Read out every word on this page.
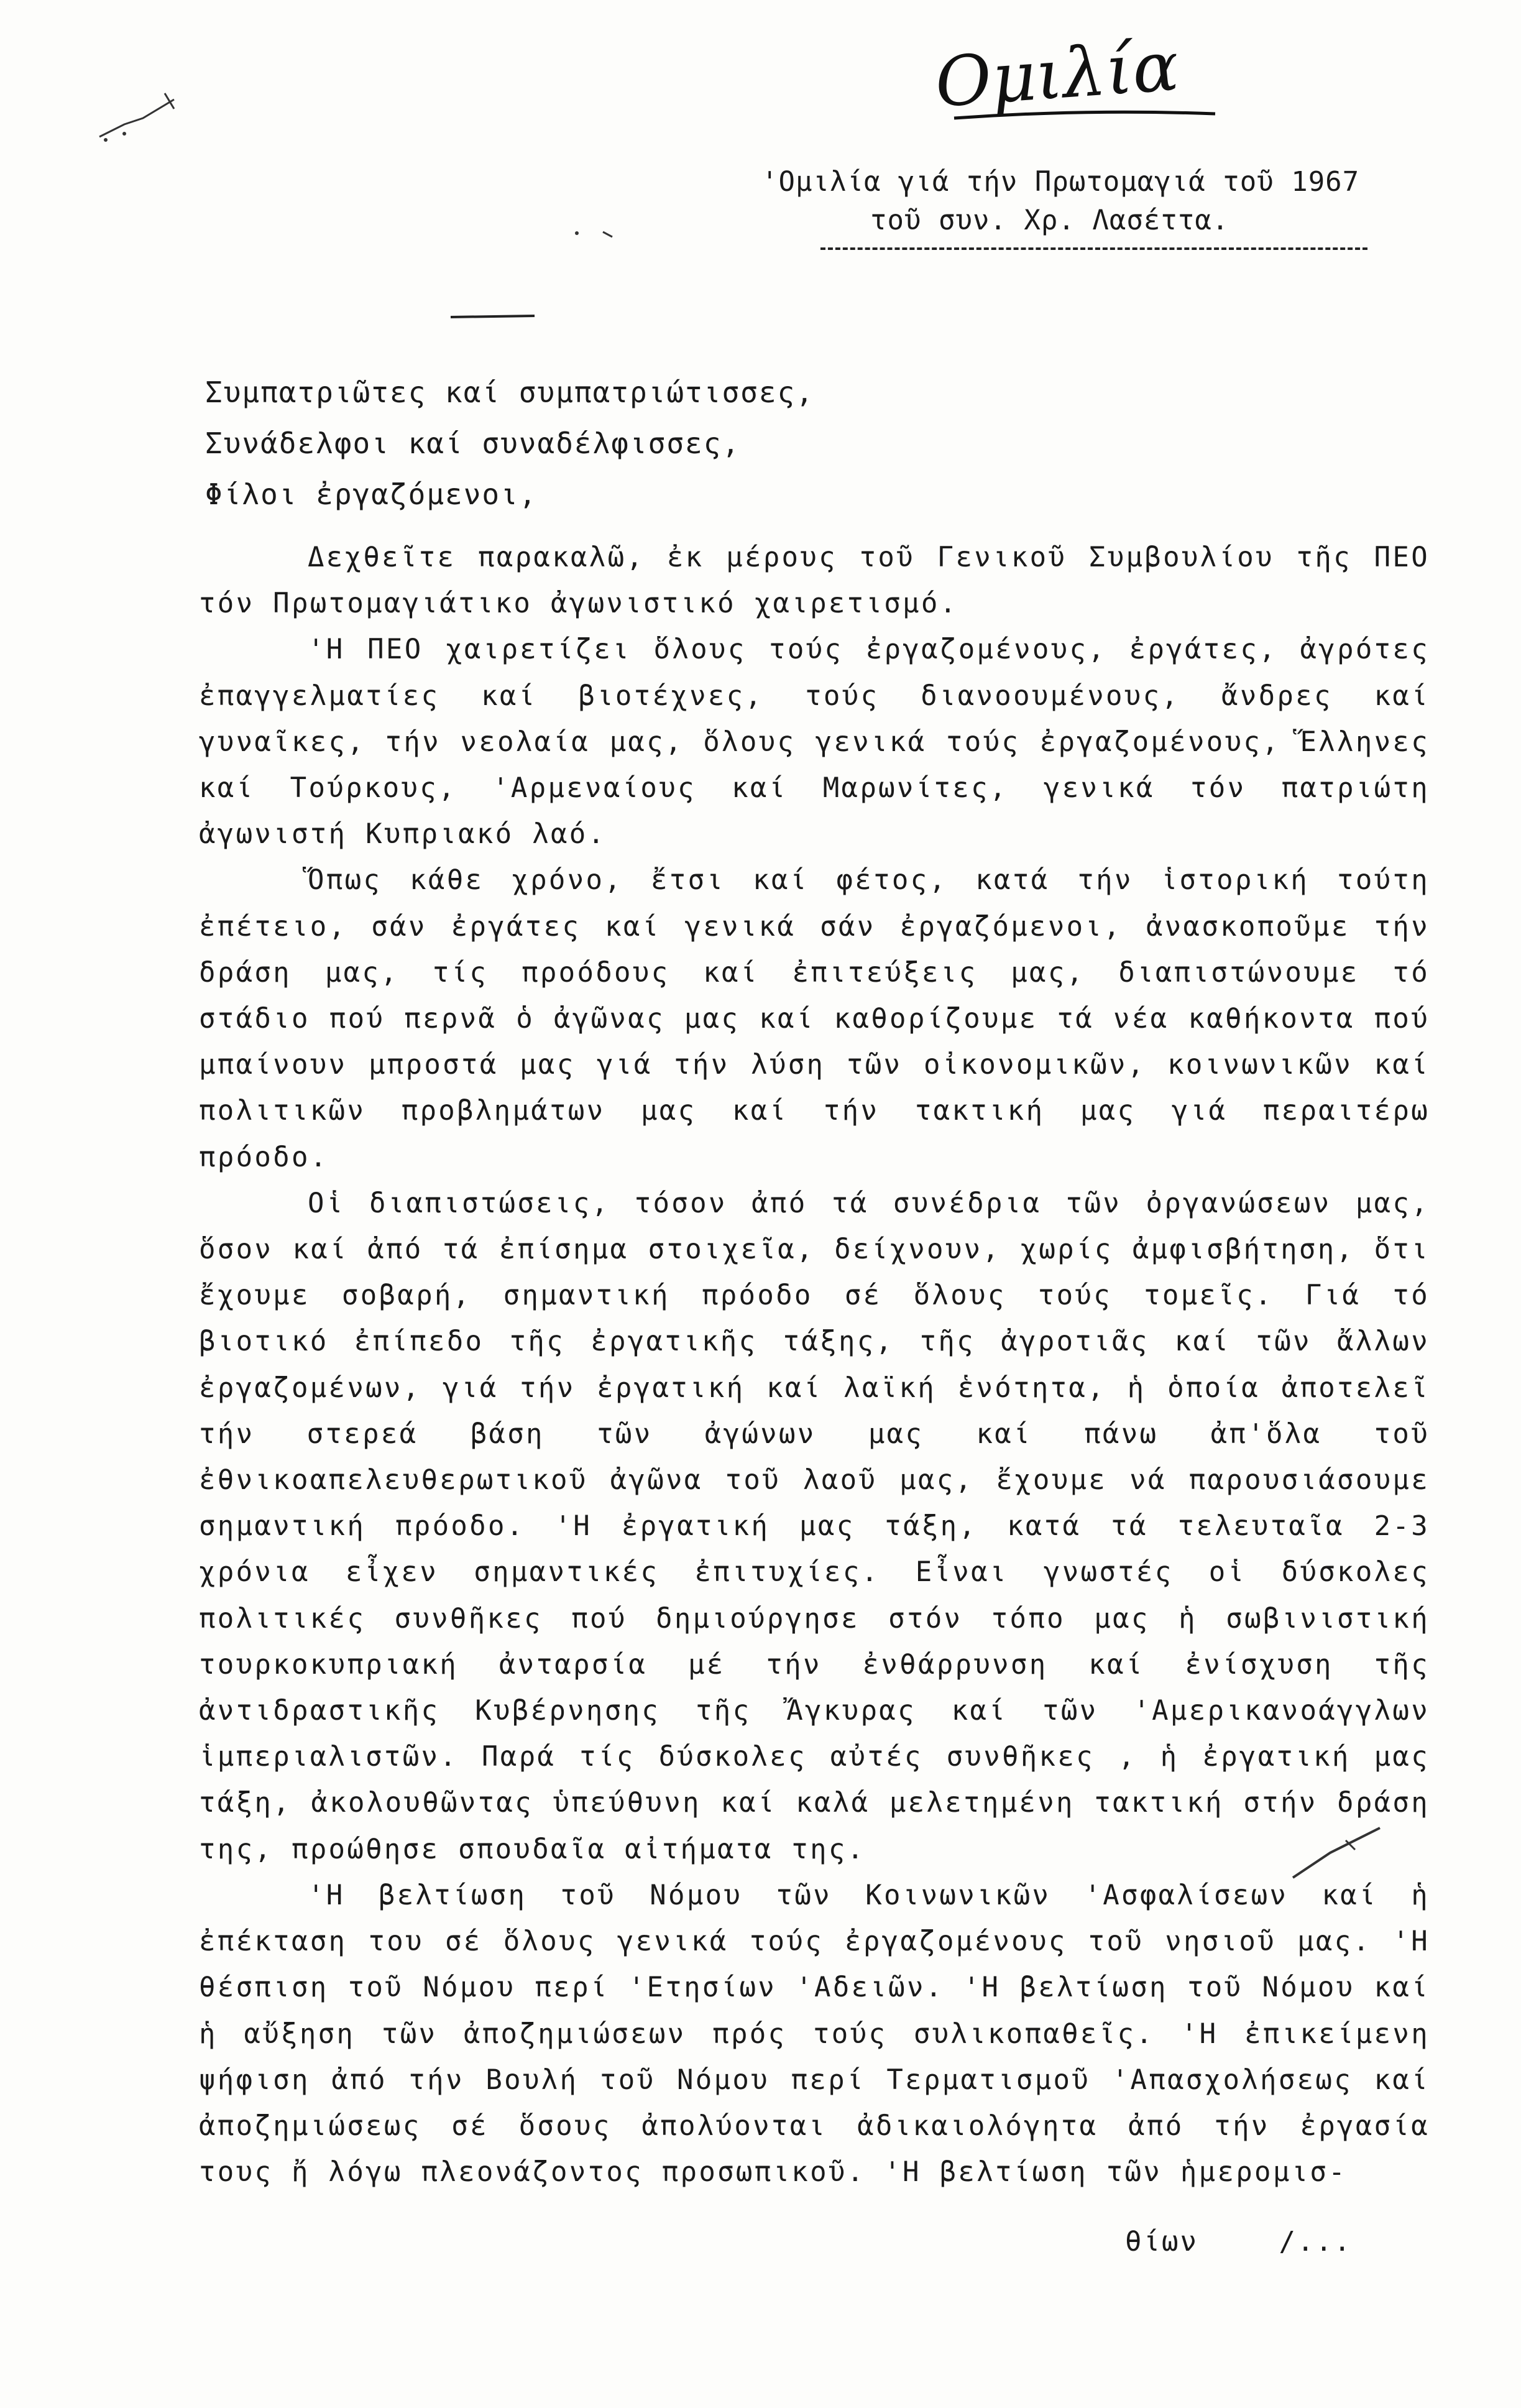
Ομιλία
'Ομιλία γιά τήν Πρωτομαγιά τοῦ 1967
τοῦ συν. Χρ. Λασέττα.
Συμπατριῶτες καί συμπατριώτισσες,
Συνάδελφοι καί συναδέλφισσες,
Φίλοι ἐργαζόμενοι,

Δεχθεῖτε παρακαλῶ, ἐκ μέρους τοῦ Γενικοῦ Συμβουλίου τῆς ΠΕΟ τόν Πρωτομαγιάτικο ἀγωνιστικό χαιρετισμό.

'Η ΠΕΟ χαιρετίζει ὅλους τούς ἐργαζομένους, ἐργάτες, ἀγρότες ἐπαγγελματίες καί βιοτέχνες, τούς διανοουμένους, ἄνδρες καί γυναῖκες, τήν νεολαία μας, ὅλους γενικά τούς ἐργαζομένους, Ἕλληνες καί Τούρκους, 'Αρμεναίους καί Μαρωνίτες, γενικά τόν πατριώτη ἀγωνιστή Κυπριακό λαό.

Ὅπως κάθε χρόνο, ἔτσι καί φέτος, κατά τήν ἱστορική τούτη ἐπέτειο, σάν ἐργάτες καί γενικά σάν ἐργαζόμενοι, ἀνασκοποῦμε τήν δράση μας, τίς προόδους καί ἐπιτεύξεις μας, διαπιστώνουμε τό στάδιο πού περνᾶ ὁ ἀγῶνας μας καί καθορίζουμε τά νέα καθήκοντα πού μπαίνουν μπροστά μας γιά τήν λύση τῶν οἰκονομικῶν, κοινωνικῶν καί πολιτικῶν προβλημάτων μας καί τήν τακτική μας γιά περαιτέρω πρόοδο.

Οἱ διαπιστώσεις, τόσον ἀπό τά συνέδρια τῶν ὀργανώσεων μας, ὅσον καί ἀπό τά ἐπίσημα στοιχεῖα, δείχνουν, χωρίς ἀμφισβήτηση, ὅτι ἔχουμε σοβαρή, σημαντική πρόοδο σέ ὅλους τούς τομεῖς. Γιά τό βιοτικό ἐπίπεδο τῆς ἐργατικῆς τάξης, τῆς ἀγροτιᾶς καί τῶν ἄλλων ἐργαζομένων, γιά τήν ἐργατική καί λαϊκή ἑνότητα, ἡ ὁποία ἀποτελεῖ τήν στερεά βάση τῶν ἀγώνων μας καί πάνω ἀπ'ὅλα τοῦ ἐθνικοαπελευθερωτικοῦ ἀγῶνα τοῦ λαοῦ μας, ἔχουμε νά παρουσιάσουμε σημαντική πρόοδο. 'Η ἐργατική μας τάξη, κατά τά τελευταῖα 2-3 χρόνια εἶχεν σημαντικές ἐπιτυχίες. Εἶναι γνωστές οἱ δύσκολες πολιτικές συνθῆκες πού δημιούργησε στόν τόπο μας ἡ σωβινιστική τουρκοκυπριακή ἀνταρσία μέ τήν ἐνθάρρυνση καί ἐνίσχυση τῆς ἀντιδραστικῆς Κυβέρνησης τῆς Ἄγκυρας καί τῶν 'Αμερικανοάγγλων ἱμπεριαλιστῶν. Παρά τίς δύσκολες αὐτές συνθῆκες , ἡ ἐργατική μας τάξη, ἀκολουθῶντας ὑπεύθυνη καί καλά μελετημένη τακτική στήν δράση της, προώθησε σπουδαῖα αἰτήματα της.

'Η βελτίωση τοῦ Νόμου τῶν Κοινωνικῶν 'Ασφαλίσεων καί ἡ ἐπέκταση του σέ ὅλους γενικά τούς ἐργαζομένους τοῦ νησιοῦ μας. 'Η θέσπιση τοῦ Νόμου περί 'Ετησίων 'Αδειῶν. 'Η βελτίωση τοῦ Νόμου καί ἡ αὔξηση τῶν ἀποζημιώσεων πρός τούς συλικοπαθεῖς. 'Η ἐπικείμενη ψήφιση ἀπό τήν Βουλή τοῦ Νόμου περί Τερματισμοῦ 'Απασχολήσεως καί ἀποζημιώσεως σέ ὅσους ἀπολύονται ἀδικαιολόγητα ἀπό τήν ἐργασία τους ἤ λόγω πλεονάζοντος προσωπικοῦ. 'Η βελτίωση τῶν ἡμερομισ-

θίων	/...
